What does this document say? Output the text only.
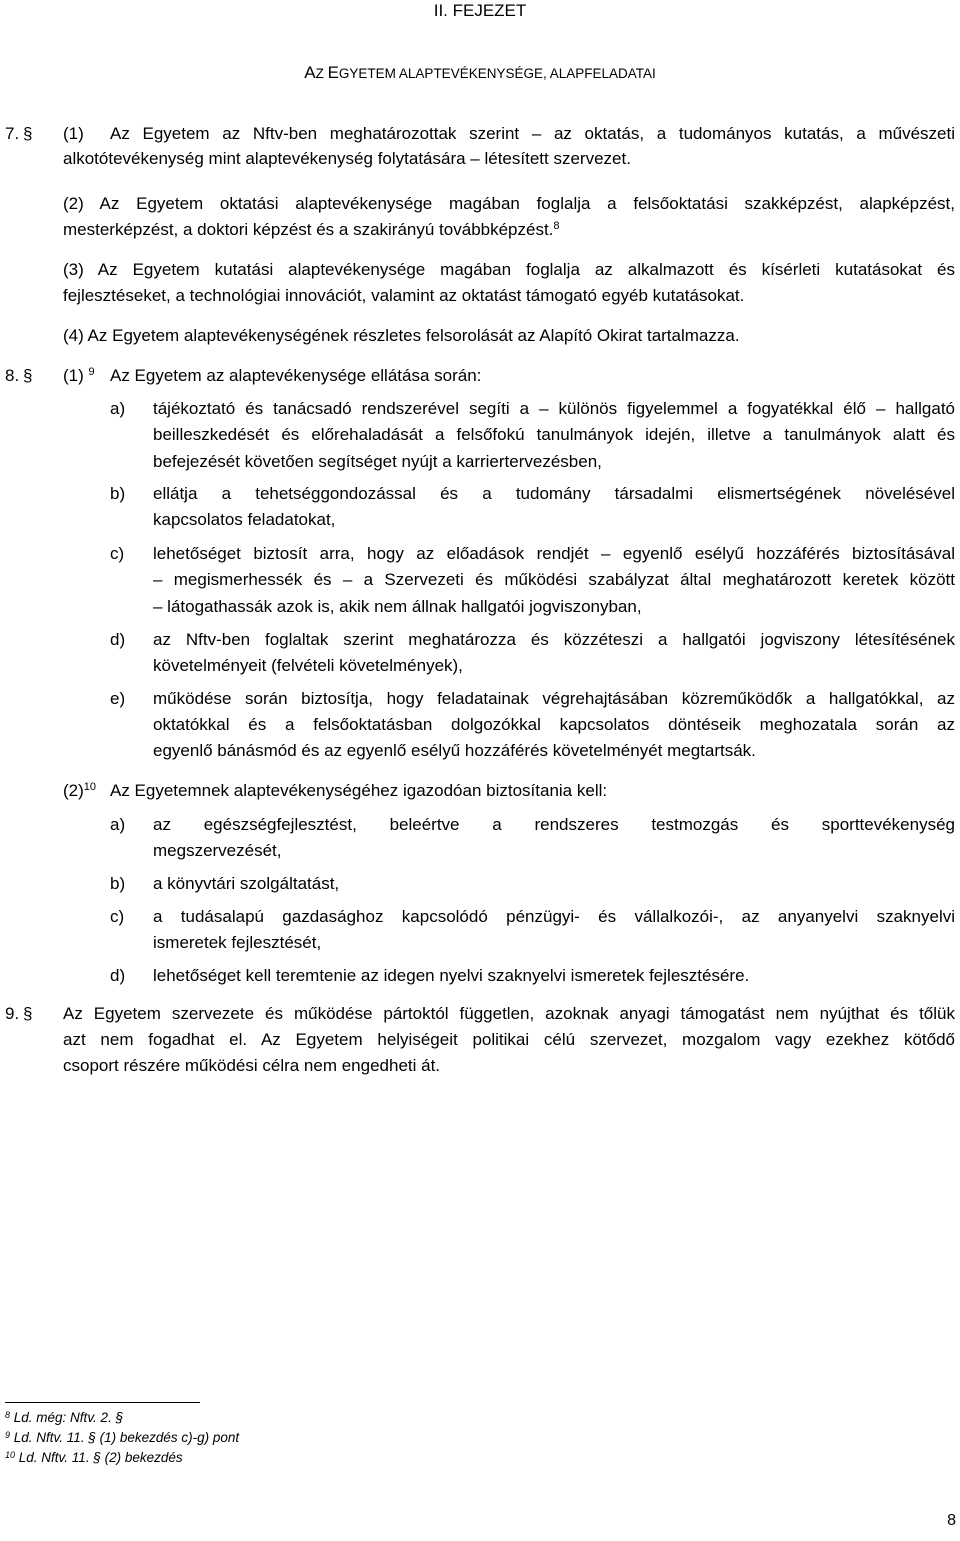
II. FEJEZET
AZ EGYETEM ALAPTEVÉKENYSÉGE, ALAPFELADATAI
7. § (1) Az Egyetem az Nftv-ben meghatározottak szerint – az oktatás, a tudományos kutatás, a művészeti
alkotótevékenység mint alaptevékenység folytatására – létesített szervezet.
(2) Az Egyetem oktatási alaptevékenysége magában foglalja a felsőoktatási szakképzést, alapképzést,
mesterképzést, a doktori képzést és a szakirányú továbbképzést.$^8$
(3) Az Egyetem kutatási alaptevékenysége magában foglalja az alkalmazott és kísérleti kutatásokat és
fejlesztéseket, a technológiai innovációt, valamint az oktatást támogató egyéb kutatásokat.
(4) Az Egyetem alaptevékenységének részletes felsorolását az Alapító Okirat tartalmazza.
8. § (1) $^9$ Az Egyetem az alaptevékenysége ellátása során:
a) tájékoztató és tanácsadó rendszerével segíti a – különös figyelemmel a fogyatékkal élő – hallgató
beilleszkedését és előrehaladását a felsőfokú tanulmányok idején, illetve a tanulmányok alatt és
befejezését követően segítséget nyújt a karriertervezésben,
b) ellátja a tehetséggondozással és a tudomány társadalmi elismertségének növelésével
kapcsolatos feladatokat,
c) lehetőséget biztosít arra, hogy az előadások rendjét – egyenlő esélyű hozzáférés biztosításával
– megismerhessék és – a Szervezeti és működési szabályzat által meghatározott keretek között
– látogathassák azok is, akik nem állnak hallgatói jogviszonyban,
d) az Nftv-ben foglaltak szerint meghatározza és közzéteszi a hallgatói jogviszony létesítésének
követelményeit (felvételi követelmények),
e) működése során biztosítja, hogy feladatainak végrehajtásában közreműködők a hallgatókkal, az
oktatókkal és a felsőoktatásban dolgozókkal kapcsolatos döntéseik meghozatala során az
egyenlő bánásmód és az egyenlő esélyű hozzáférés követelményét megtartsák.
$(2)^{10}$ Az Egyetemnek alaptevékenységéhez igazodóan biztosítania kell:
a) az egészségfejlesztést, beleértve a rendszeres testmozgás és sporttevékenység
megszervezését,
b) a könyvtári szolgáltatást,
c) a tudásalapú gazdasághoz kapcsolódó pénzügyi- és vállalkozói-, az anyanyelvi szaknyelvi
ismeretek fejlesztését,
d) lehetőséget kell teremtenie az idegen nyelvi szaknyelvi ismeretek fejlesztésére.
9. § Az Egyetem szervezete és működése pártoktól független, azoknak anyagi támogatást nem nyújthat és tőlük
azt nem fogadhat el. Az Egyetem helyiségeit politikai célú szervezet, mozgalom vagy ezekhez kötődő
csoport részére működési célra nem engedheti át.
$^8$ Ld. még: Nftv. 2. §
$^9$ Ld. Nftv. 11. § (1) bekezdés c)-g) pont
$^{10}$ Ld. Nftv. 11. § (2) bekezdés
8
